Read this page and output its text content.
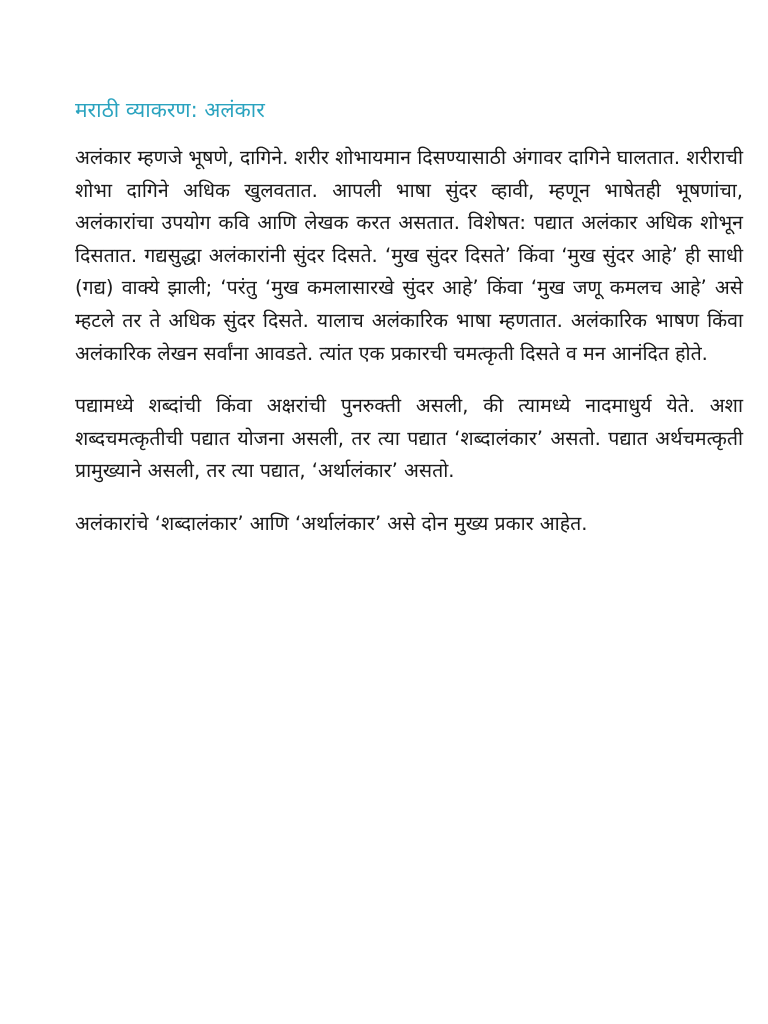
मराठी व्याकरण: अलंकार

अलंकार म्हणजे भूषणे, दागिने. शरीर शोभायमान दिसण्यासाठी अंगावर दागिने घालतात. शरीराची शोभा दागिने अधिक खुलवतात. आपली भाषा सुंदर व्हावी, म्हणून भाषेतही भूषणांचा, अलंकारांचा उपयोग कवि आणि लेखक करत असतात. विशेषत: पद्यात अलंकार अधिक शोभून दिसतात. गद्यसुद्धा अलंकारांनी सुंदर दिसते. ‘मुख सुंदर दिसते’ किंवा ‘मुख सुंदर आहे’ ही साधी (गद्य) वाक्ये झाली; ‘परंतु ‘मुख कमलासारखे सुंदर आहे’ किंवा ‘मुख जणू कमलच आहे’ असे म्हटले तर ते अधिक सुंदर दिसते. यालाच अलंकारिक भाषा म्हणतात. अलंकारिक भाषण किंवा अलंकारिक लेखन सर्वांना आवडते. त्यांत एक प्रकारची चमत्कृती दिसते व मन आनंदित होते.

पद्यामध्ये शब्दांची किंवा अक्षरांची पुनरुक्ती असली, की त्यामध्ये नादमाधुर्य येते. अशा शब्दचमत्कृतीची पद्यात योजना असली, तर त्या पद्यात ‘शब्दालंकार’ असतो. पद्यात अर्थचमत्कृती प्रामुख्याने असली, तर त्या पद्यात, ‘अर्थालंकार’ असतो.

अलंकारांचे ‘शब्दालंकार’ आणि ‘अर्थालंकार’ असे दोन मुख्य प्रकार आहेत.
